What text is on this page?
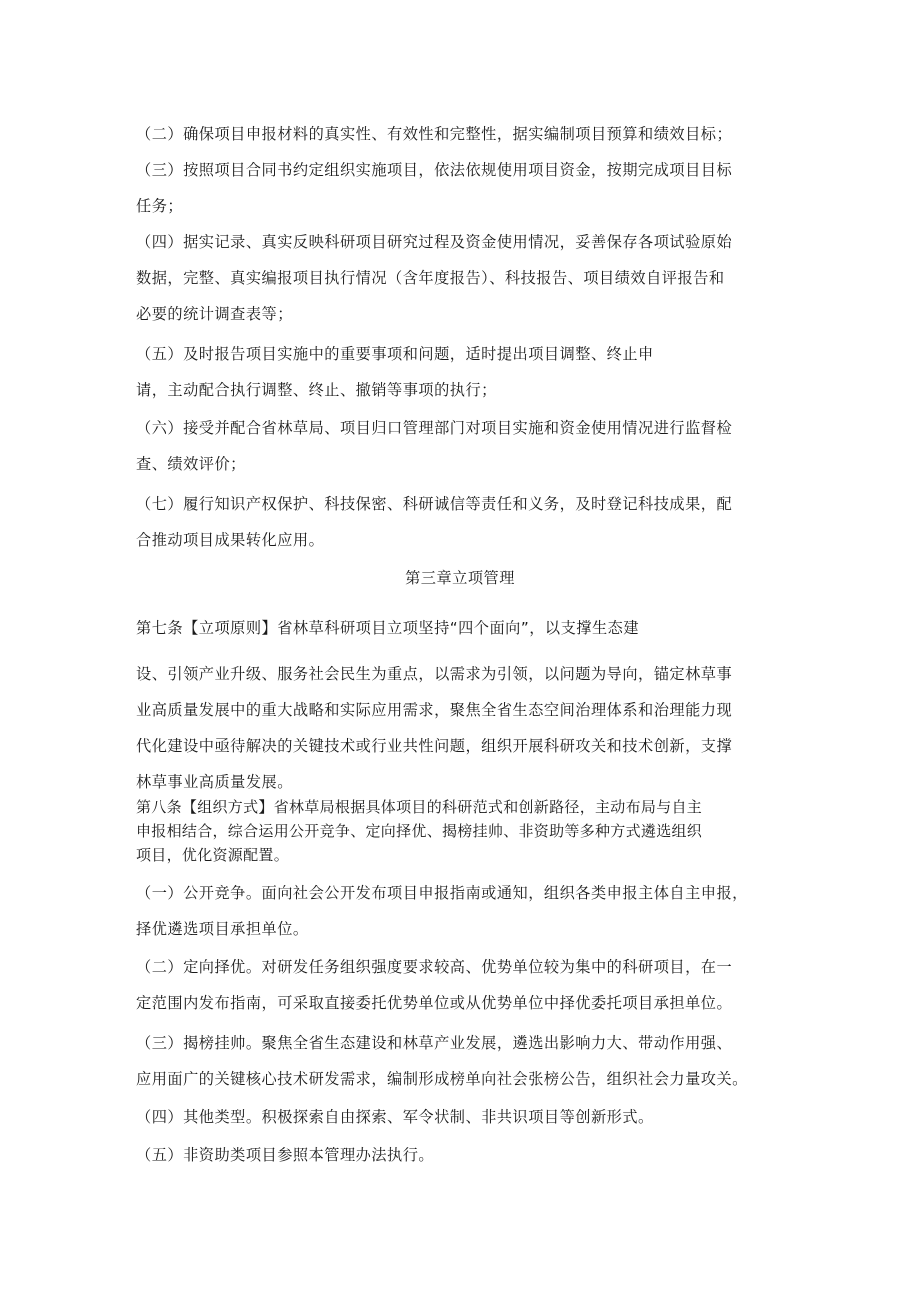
（二）确保项目申报材料的真实性、有效性和完整性，据实编制项目预算和绩效目标；

（三）按照项目合同书约定组织实施项目，依法依规使用项目资金，按期完成项目目标

任务；

（四）据实记录、真实反映科研项目研究过程及资金使用情况，妥善保存各项试验原始

数据，完整、真实编报项目执行情况（含年度报告）、科技报告、项目绩效自评报告和

必要的统计调查表等；

（五）及时报告项目实施中的重要事项和问题，适时提出项目调整、终止申

请，主动配合执行调整、终止、撤销等事项的执行；

（六）接受并配合省林草局、项目归口管理部门对项目实施和资金使用情况进行监督检

查、绩效评价；

（七）履行知识产权保护、科技保密、科研诚信等责任和义务，及时登记科技成果，配

合推动项目成果转化应用。

第三章立项管理

第七条【立项原则】省林草科研项目立项坚持“四个面向”，以支撑生态建

设、引领产业升级、服务社会民生为重点，以需求为引领，以问题为导向，锚定林草事

业高质量发展中的重大战略和实际应用需求，聚焦全省生态空间治理体系和治理能力现

代化建设中亟待解决的关键技术或行业共性问题，组织开展科研攻关和技术创新，支撑

林草事业高质量发展。

第八条【组织方式】省林草局根据具体项目的科研范式和创新路径，主动布局与自主

申报相结合，综合运用公开竞争、定向择优、揭榜挂帅、非资助等多种方式遴选组织

项目，优化资源配置。

（一）公开竞争。面向社会公开发布项目申报指南或通知，组织各类申报主体自主申报，

择优遴选项目承担单位。

（二）定向择优。对研发任务组织强度要求较高、优势单位较为集中的科研项目，在一

定范围内发布指南，可采取直接委托优势单位或从优势单位中择优委托项目承担单位。

（三）揭榜挂帅。聚焦全省生态建设和林草产业发展，遴选出影响力大、带动作用强、

应用面广的关键核心技术研发需求，编制形成榜单向社会张榜公告，组织社会力量攻关。

（四）其他类型。积极探索自由探索、军令状制、非共识项目等创新形式。

（五）非资助类项目参照本管理办法执行。
